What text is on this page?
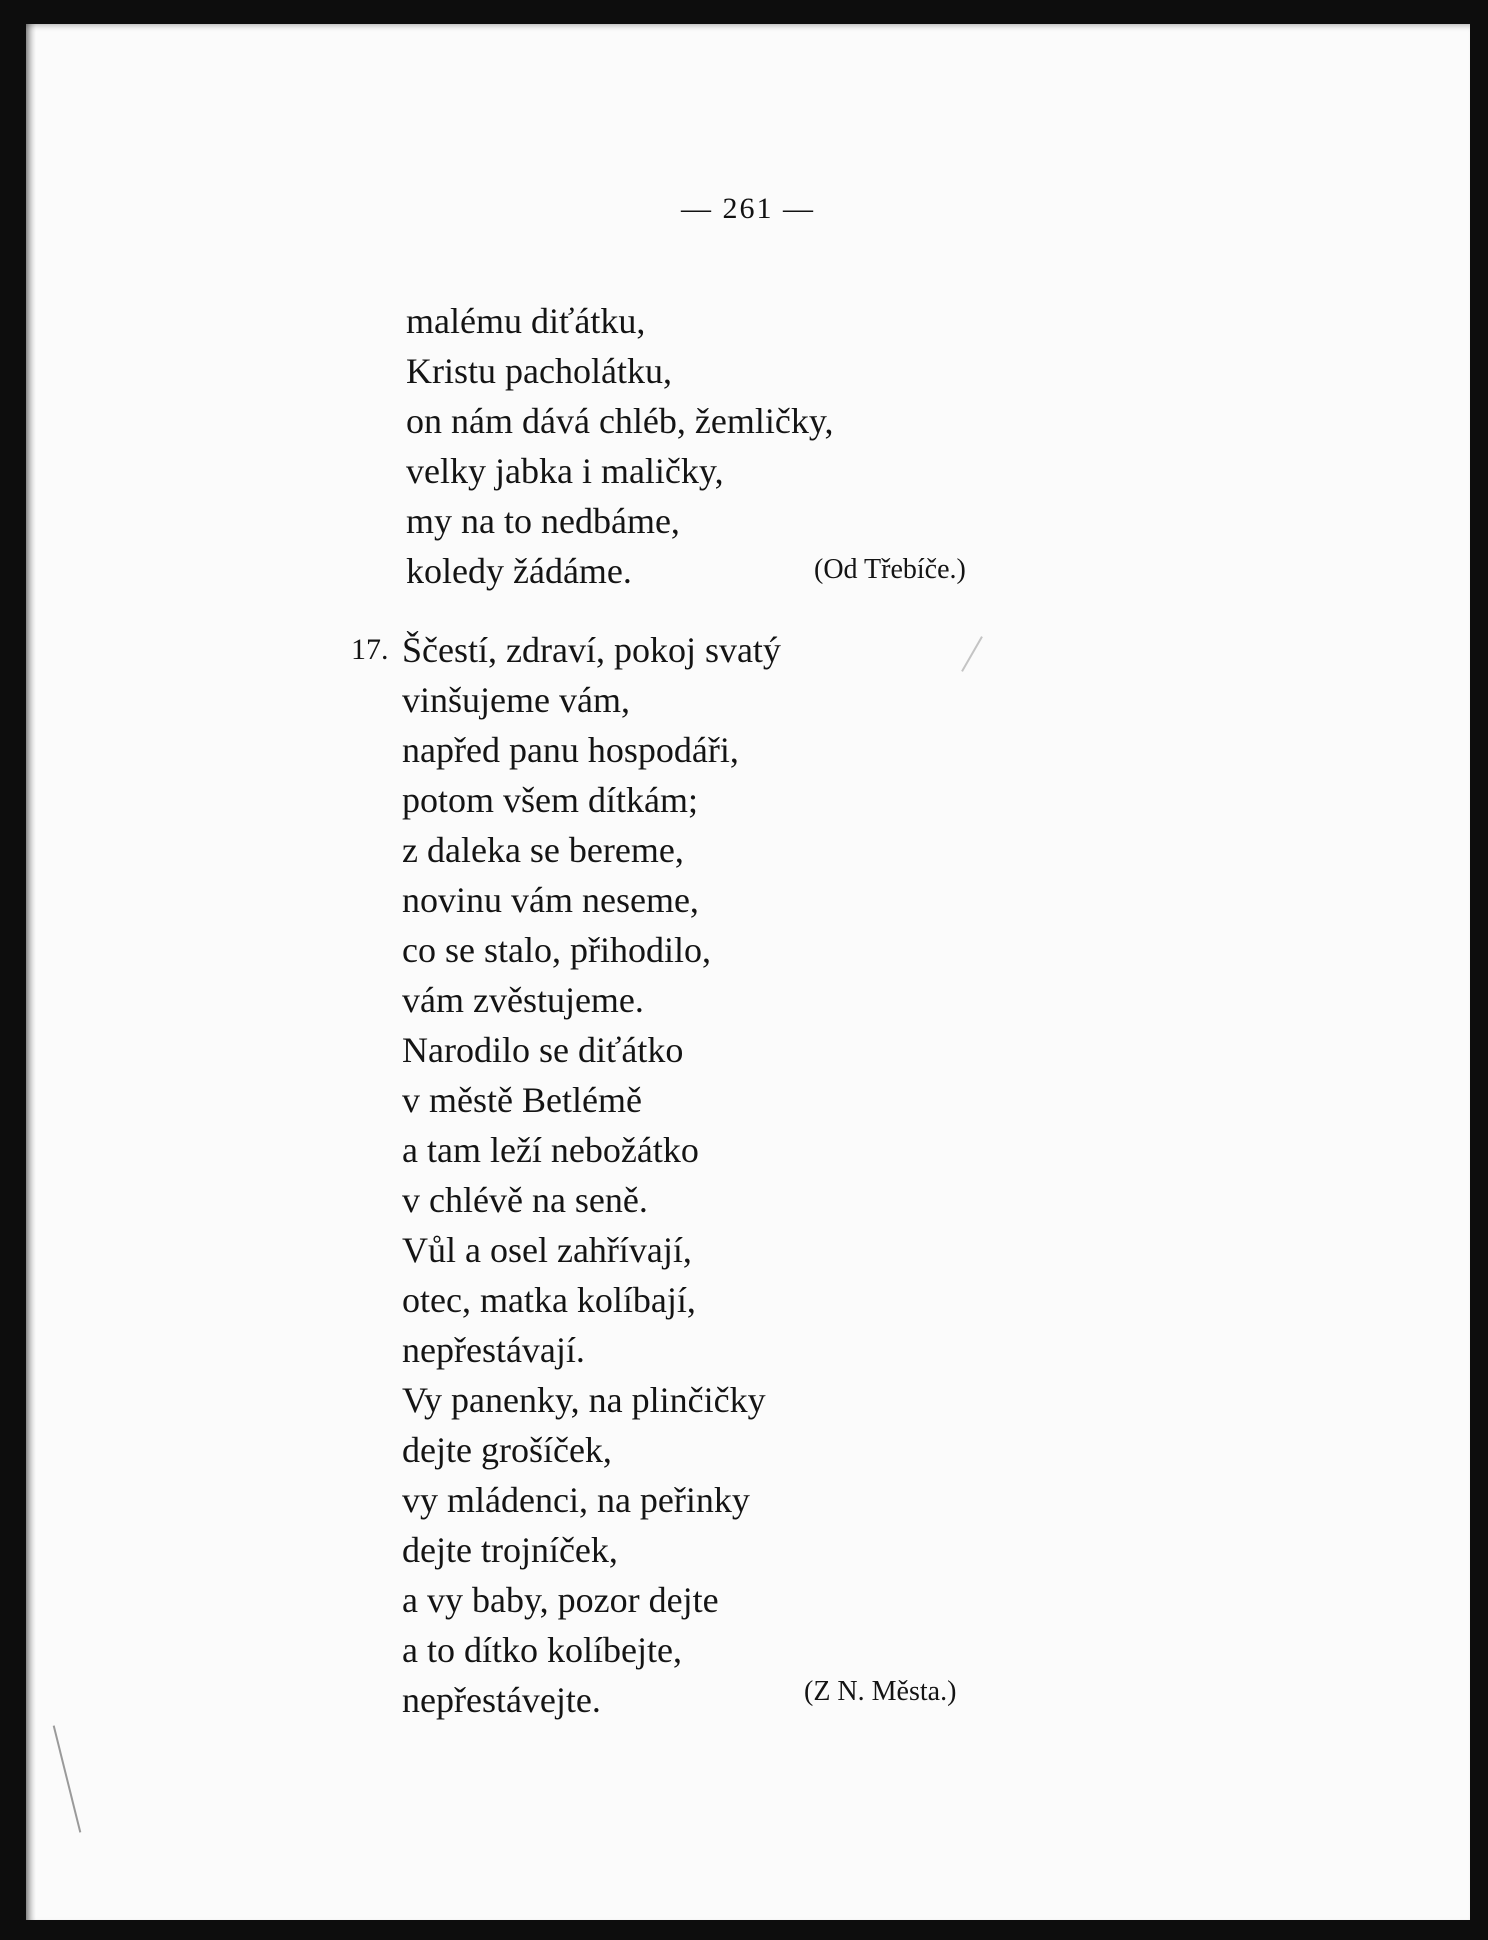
— 261 —
malému diťátku,
Kristu pacholátku,
on nám dává chléb, žemličky,
velky jabka i maličky,
my na to nedbáme,
koledy žádáme.	(Od Třebíče.)
17. Ščestí, zdraví, pokoj svatý
vinšujeme vám,
napřed panu hospodáři,
potom všem dítkám;
z daleka se bereme,
novinu vám neseme,
co se stalo, přihodilo,
vám zvěstujeme.
Narodilo se diťátko
v městě Betlémě
a tam leží nebožátko
v chlévě na seně.
Vůl a osel zahřívají,
otec, matka kolíbají,
nepřestávají.
Vy panenky, na plinčičky
dejte grošíček,
vy mládenci, na peřinky
dejte trojníček,
a vy baby, pozor dejte
a to dítko kolíbejte,
nepřestávejte.	(Z N. Města.)
